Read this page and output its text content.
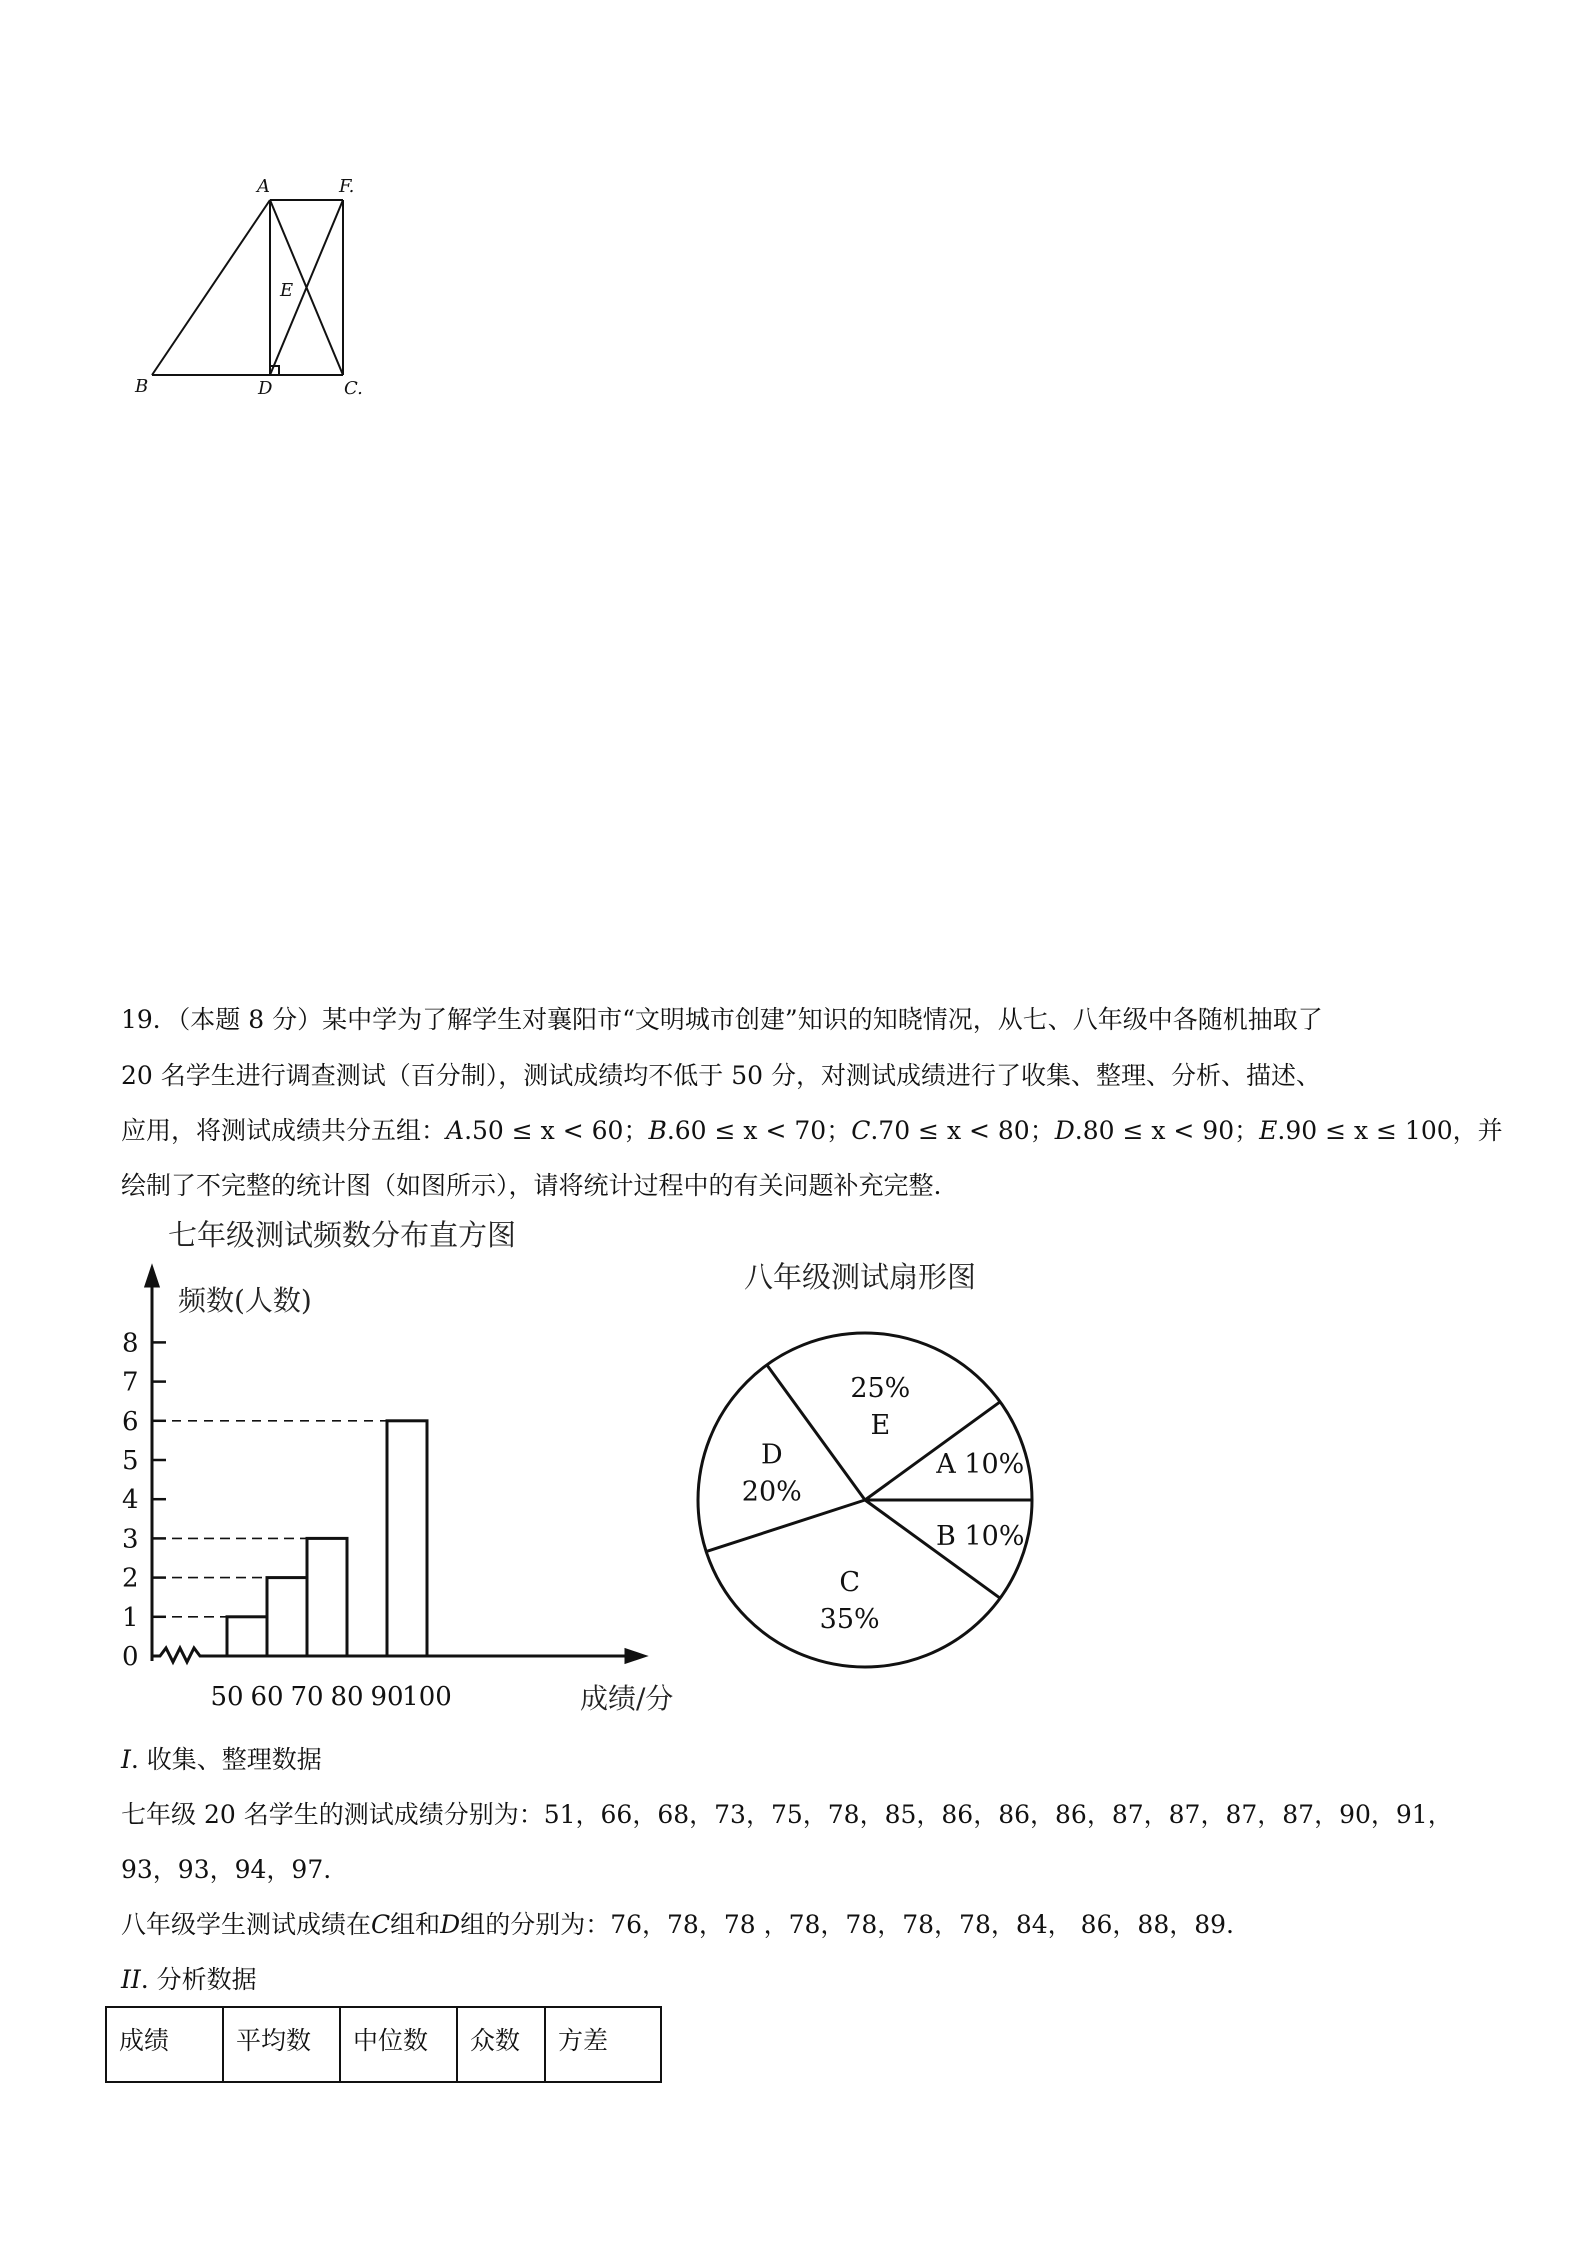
A	F.
E
B	D	C.
19．（本题 8 分）某中学为了解学生对襄阳市“文明城市创建”知识的知晓情况，从七、八年级中各随机抽取了
20 名学生进行调查测试（百分制），测试成绩均不低于 50 分，对测试成绩进行了收集、整理、分析、描述、
应用，将测试成绩共分五组：A.50 ≤ x < 60；B.60 ≤ x < 70；C.70 ≤ x < 80；D.80 ≤ x < 90；E.90 ≤ x ≤ 100，并
绘制了不完整的统计图（如图所示），请将统计过程中的有关问题补充完整.
七年级测试频数分布直方图
频数(人数)
成绩/分
0
1
2
3
4
5
6
7
8
50 60 70 80 90
100
八年级测试扇形图
A 10%
25%
E
D
20%
C
35%
B 10%
I. 收集、整理数据
七年级 20 名学生的测试成绩分别为：51，66，68，73，75，78，85，86，86，86，87，87，87，87，90，91，
93，93，94，97.
八年级学生测试成绩在C组和D组的分别为：76，78，78 ，78，78，78，78，84， 86，88，89.
II. 分析数据
成绩	平均数	中位数	众数	方差
